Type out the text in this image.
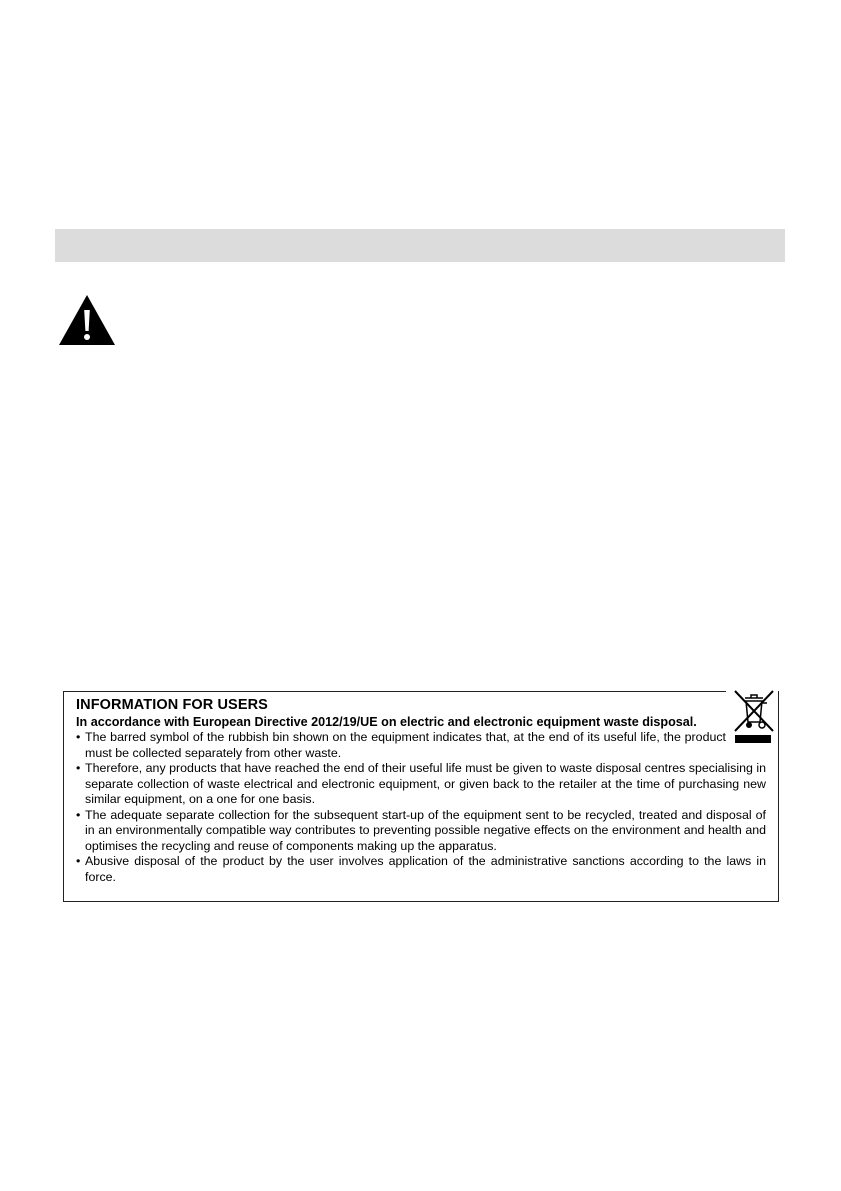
INFORMATION FOR USERS
In accordance with European Directive 2012/19/UE on electric and electronic equipment waste disposal.
• The barred symbol of the rubbish bin shown on the equipment indicates that, at the end of its useful life, the product must be collected separately from other waste.
• Therefore, any products that have reached the end of their useful life must be given to waste disposal centres specialising in separate collection of waste electrical and electronic equipment, or given back to the retailer at the time of purchasing new similar equipment, on a one for one basis.
• The adequate separate collection for the subsequent start-up of the equipment sent to be recycled, treated and disposal of in an environmentally compatible way contributes to preventing possible negative effects on the environment and health and optimises the recycling and reuse of components making up the apparatus.
• Abusive disposal of the product by the user involves application of the administrative sanctions according to the laws in force.
